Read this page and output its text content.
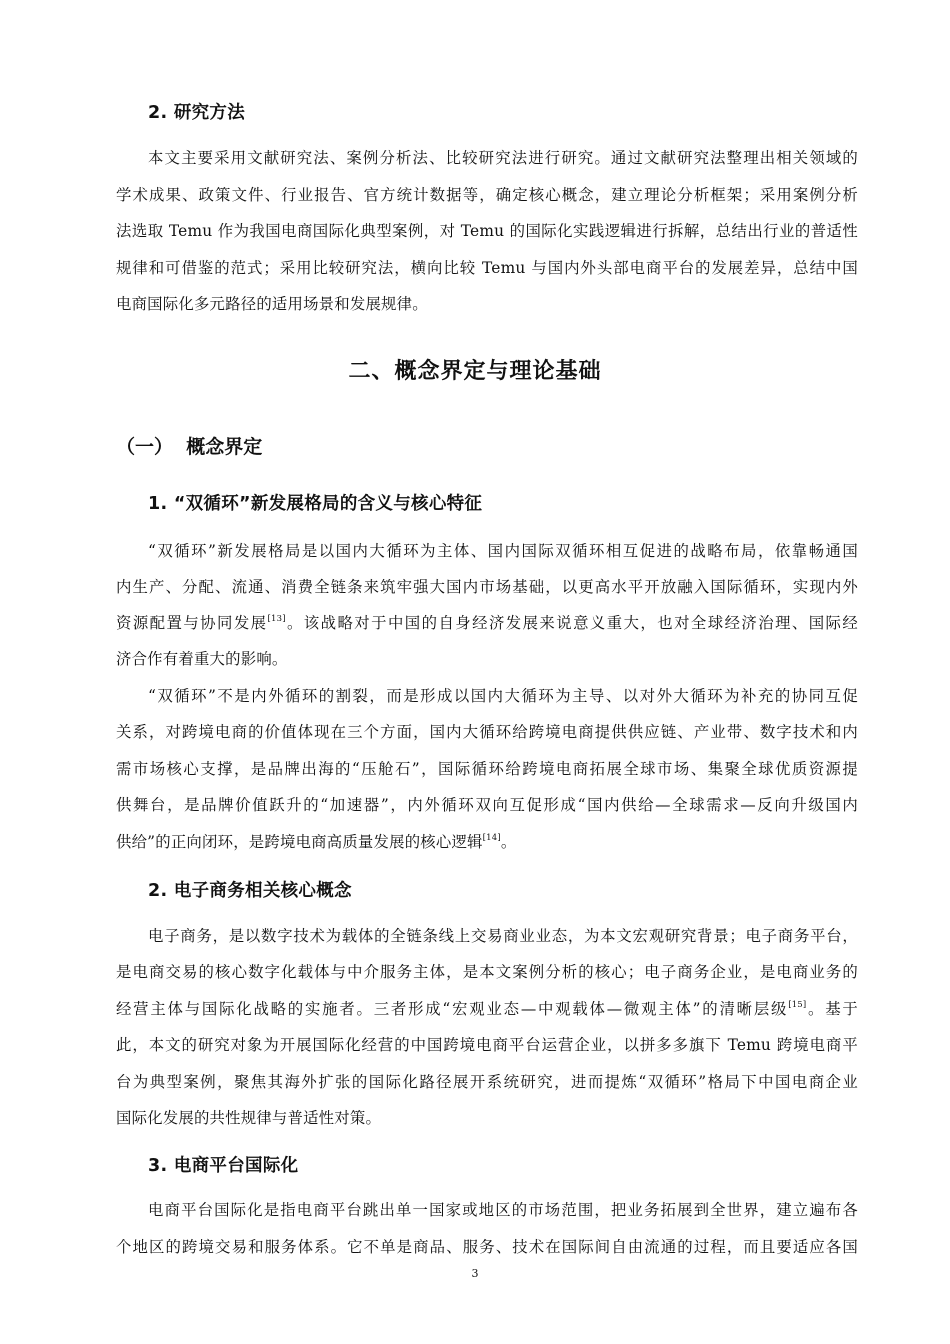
2. 研究方法
本文主要采用文献研究法、案例分析法、比较研究法进行研究。通过文献研究法整理出相关领域的
学术成果、政策文件、行业报告、官方统计数据等，确定核心概念，建立理论分析框架；采用案例分析
法选取 Temu 作为我国电商国际化典型案例，对 Temu 的国际化实践逻辑进行拆解，总结出行业的普适性
规律和可借鉴的范式；采用比较研究法，横向比较 Temu 与国内外头部电商平台的发展差异，总结中国
电商国际化多元路径的适用场景和发展规律。
二、概念界定与理论基础
（一）  概念界定
1. “双循环”新发展格局的含义与核心特征
“双循环”新发展格局是以国内大循环为主体、国内国际双循环相互促进的战略布局，依靠畅通国
内生产、分配、流通、消费全链条来筑牢强大国内市场基础，以更高水平开放融入国际循环，实现内外
资源配置与协同发展[13]。该战略对于中国的自身经济发展来说意义重大，也对全球经济治理、国际经
济合作有着重大的影响。
“双循环”不是内外循环的割裂，而是形成以国内大循环为主导、以对外大循环为补充的协同互促
关系，对跨境电商的价值体现在三个方面，国内大循环给跨境电商提供供应链、产业带、数字技术和内
需市场核心支撑，是品牌出海的“压舱石”，国际循环给跨境电商拓展全球市场、集聚全球优质资源提
供舞台，是品牌价值跃升的“加速器”，内外循环双向互促形成“国内供给—全球需求—反向升级国内
供给”的正向闭环，是跨境电商高质量发展的核心逻辑[14]。
2. 电子商务相关核心概念
电子商务，是以数字技术为载体的全链条线上交易商业业态，为本文宏观研究背景；电子商务平台，
是电商交易的核心数字化载体与中介服务主体，是本文案例分析的核心；电子商务企业，是电商业务的
经营主体与国际化战略的实施者。三者形成“宏观业态—中观载体—微观主体”的清晰层级[15]。基于
此，本文的研究对象为开展国际化经营的中国跨境电商平台运营企业，以拼多多旗下 Temu 跨境电商平
台为典型案例，聚焦其海外扩张的国际化路径展开系统研究，进而提炼“双循环”格局下中国电商企业
国际化发展的共性规律与普适性对策。
3. 电商平台国际化
电商平台国际化是指电商平台跳出单一国家或地区的市场范围，把业务拓展到全世界，建立遍布各
个地区的跨境交易和服务体系。它不单是商品、服务、技术在国际间自由流通的过程，而且要适应各国
3
